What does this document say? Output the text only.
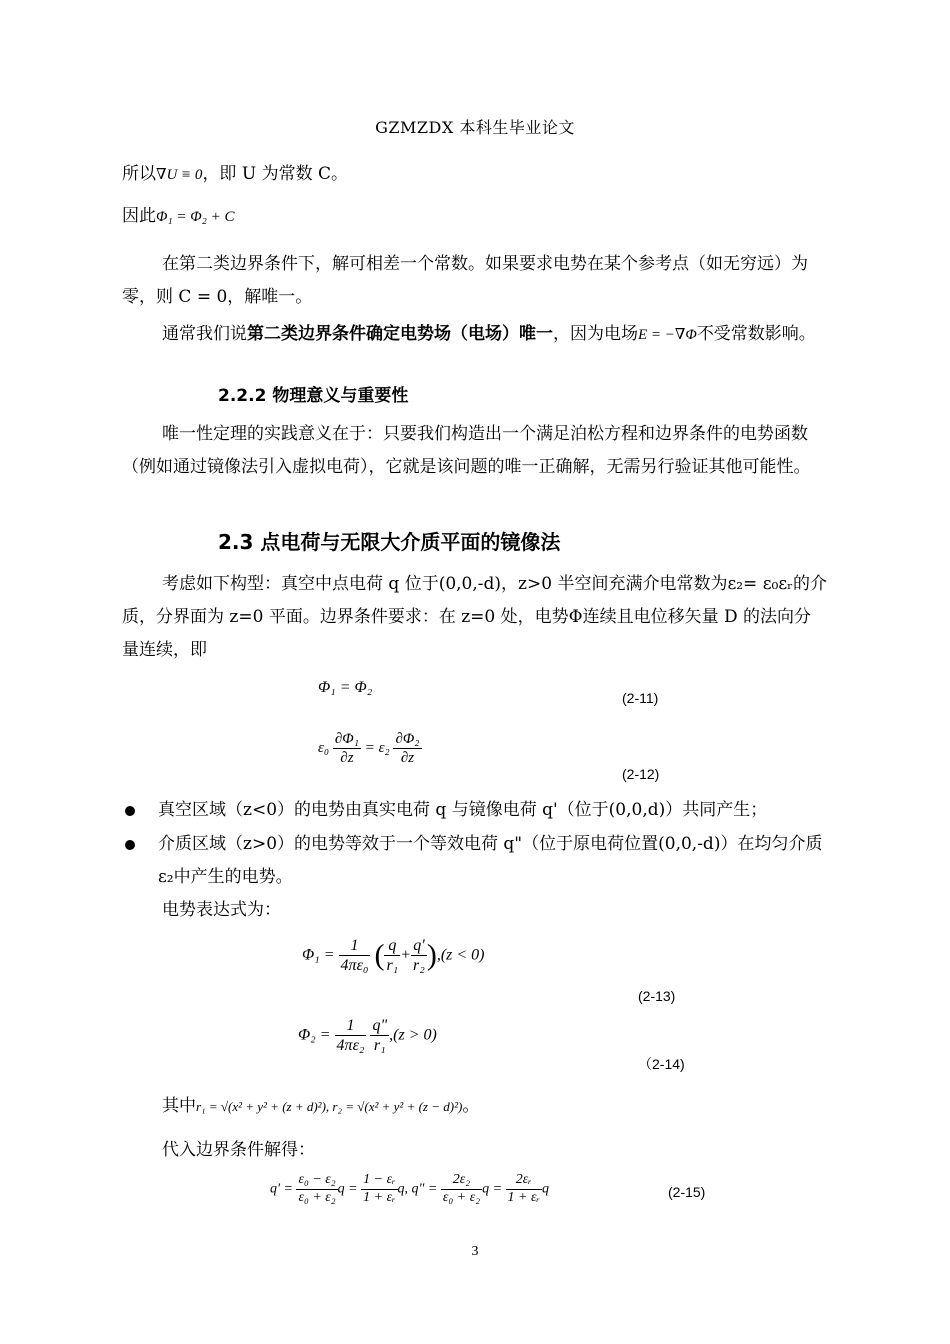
GZMZDX 本科生毕业论文
所以∇U ≡ 0，即 U 为常数 C。
因此Φ₁ = Φ₂ + C
在第二类边界条件下，解可相差一个常数。如果要求电势在某个参考点（如无穷远）为零，则 C = 0，解唯一。
通常我们说第二类边界条件确定电势场（电场）唯一，因为电场E = −∇Φ不受常数影响。
2.2.2 物理意义与重要性
唯一性定理的实践意义在于：只要我们构造出一个满足泊松方程和边界条件的电势函数（例如通过镜像法引入虚拟电荷），它就是该问题的唯一正确解，无需另行验证其他可能性。
2.3 点电荷与无限大介质平面的镜像法
考虑如下构型：真空中点电荷 q 位于(0,0,-d)，z>0 半空间充满介电常数为ε₂= ε₀εᵣ的介质，分界面为 z=0 平面。边界条件要求：在 z=0 处，电势Φ连续且电位移矢量 D 的法向分量连续，即
Φ₁ = Φ₂
(2-11)
$\varepsilon_0 \frac{\text{∂Φ₁}}{\partial z} = \varepsilon_2 \frac{\text{∂Φ₂}}{\partial z}$
(2-12)
真空区域（z<0）的电势由真实电荷 q 与镜像电荷 q'（位于(0,0,d)）共同产生；
介质区域（z>0）的电势等效于一个等效电荷 q"（位于原电荷位置(0,0,-d)）在均匀介质ε₂中产生的电势。
电势表达式为：
$\Phi_1 = \frac{1}{\text{4πε₀}}$ ( $\frac{q}{\text{r₁}} + \frac{q'}{\text{r₂}} ),(z < 0)$
(2-13)
$\Phi_2 = \frac{1}{\text{4πε₂}}$
$\frac{q"}{\text{r₁}} ,(z > 0)$
（2-14)
其中r₁ = √(x² + y² + (z + d)²), r₂ = √(x² + y² + (z − d)²)。
代入边界条件解得：
$q' = \frac{\text{ε₀ − ε₂}}{\text{ε₀ + ε₂}}$ $q = \frac{\text{1 − εᵣ}}{\text{1 + εᵣ}} q$, q" = $\frac{\text{2ε₂}}{\text{ε₀ + ε₂}}$ $q = \frac{\text{2εᵣ}}{\text{1 + εᵣ}}$ q	(2-15)
3
